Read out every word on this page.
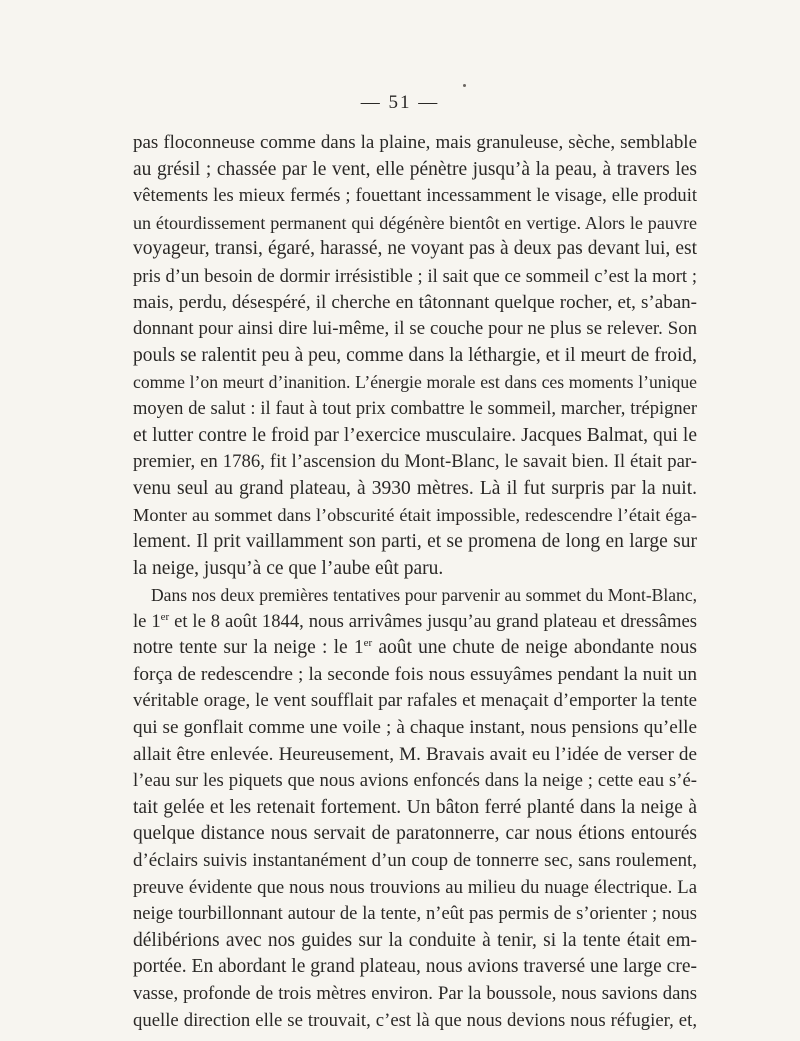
— 51 —
pas floconneuse comme dans la plaine, mais granuleuse, sèche, semblable
au grésil ; chassée par le vent, elle pénètre jusqu’à la peau, à travers les
vêtements les mieux fermés ; fouettant incessamment le visage, elle produit
un étourdissement permanent qui dégénère bientôt en vertige. Alors le pauvre
voyageur, transi, égaré, harassé, ne voyant pas à deux pas devant lui, est
pris d’un besoin de dormir irrésistible ; il sait que ce sommeil c’est la mort ;
mais, perdu, désespéré, il cherche en tâtonnant quelque rocher, et, s’aban-
donnant pour ainsi dire lui-même, il se couche pour ne plus se relever. Son
pouls se ralentit peu à peu, comme dans la léthargie, et il meurt de froid,
comme l’on meurt d’inanition. L’énergie morale est dans ces moments l’unique
moyen de salut : il faut à tout prix combattre le sommeil, marcher, trépigner
et lutter contre le froid par l’exercice musculaire. Jacques Balmat, qui le
premier, en 1786, fit l’ascension du Mont-Blanc, le savait bien. Il était par-
venu seul au grand plateau, à 3930 mètres. Là il fut surpris par la nuit.
Monter au sommet dans l’obscurité était impossible, redescendre l’était éga-
lement. Il prit vaillamment son parti, et se promena de long en large sur
la neige, jusqu’à ce que l’aube eût paru.
Dans nos deux premières tentatives pour parvenir au sommet du Mont-Blanc,
le 1er et le 8 août 1844, nous arrivâmes jusqu’au grand plateau et dressâmes
notre tente sur la neige : le 1er août une chute de neige abondante nous
força de redescendre ; la seconde fois nous essuyâmes pendant la nuit un
véritable orage, le vent soufflait par rafales et menaçait d’emporter la tente
qui se gonflait comme une voile ; à chaque instant, nous pensions qu’elle
allait être enlevée. Heureusement, M. Bravais avait eu l’idée de verser de
l’eau sur les piquets que nous avions enfoncés dans la neige ; cette eau s’é-
tait gelée et les retenait fortement. Un bâton ferré planté dans la neige à
quelque distance nous servait de paratonnerre, car nous étions entourés
d’éclairs suivis instantanément d’un coup de tonnerre sec, sans roulement,
preuve évidente que nous nous trouvions au milieu du nuage électrique. La
neige tourbillonnant autour de la tente, n’eût pas permis de s’orienter ; nous
délibérions avec nos guides sur la conduite à tenir, si la tente était em-
portée. En abordant le grand plateau, nous avions traversé une large cre-
vasse, profonde de trois mètres environ. Par la boussole, nous savions dans
quelle direction elle se trouvait, c’est là que nous devions nous réfugier, et,
